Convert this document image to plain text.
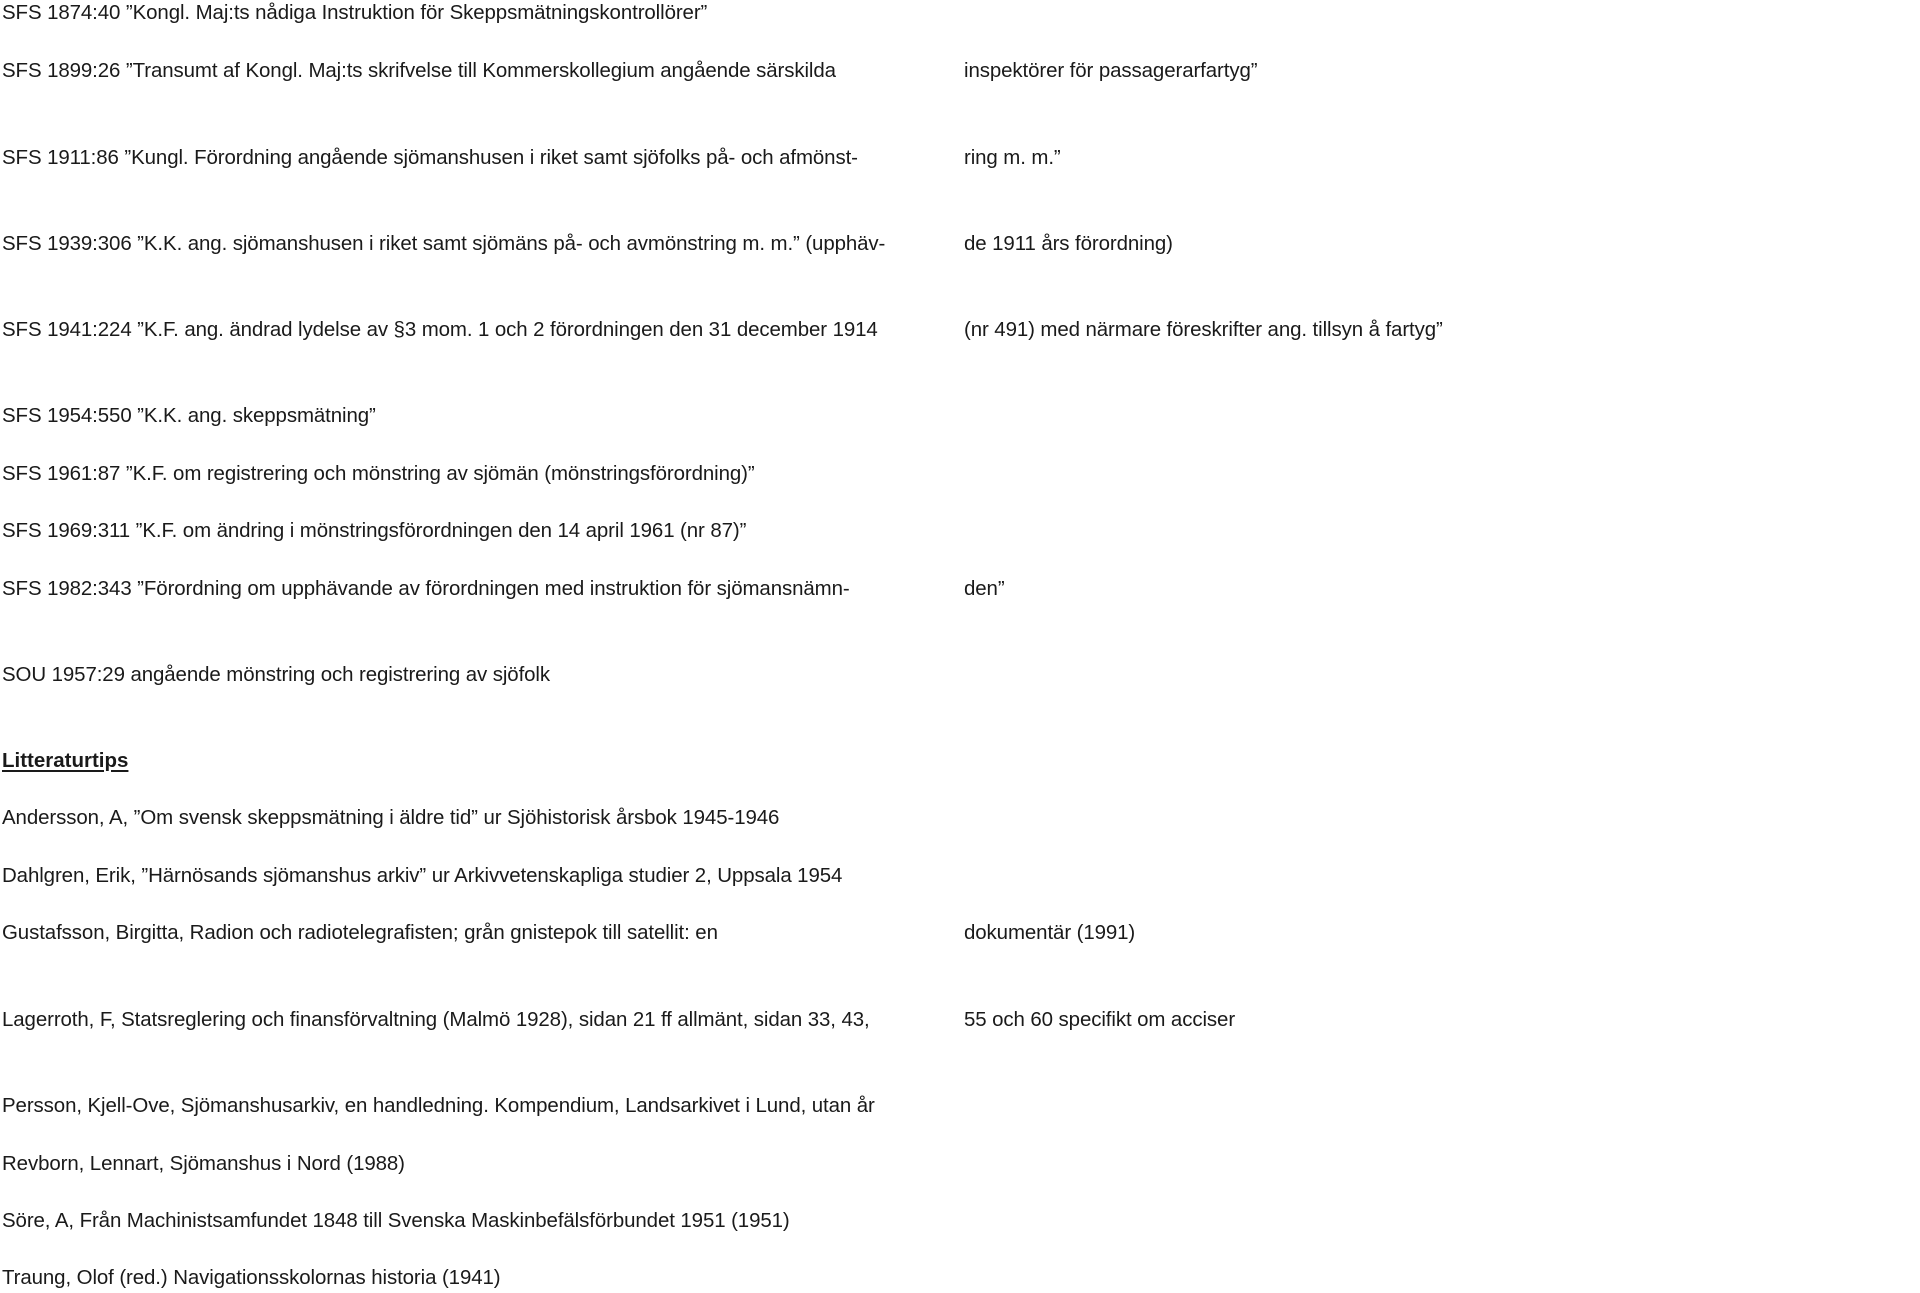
SFS 1874:40 ”Kongl. Maj:ts nådiga Instruktion för Skeppsmätningskontrollörer”
SFS 1899:26 ”Transumt af Kongl. Maj:ts skrifvelse till Kommerskollegium angående särskilda	inspektörer för passagerarfartyg”
SFS 1911:86 ”Kungl. Förordning angående sjömanshusen i riket samt sjöfolks på- och afmönst-	ring m. m.”
SFS 1939:306 ”K.K. ang. sjömanshusen i riket samt sjömäns på- och avmönstring m. m.” (upphäv-	de 1911 års förordning)
SFS 1941:224 ”K.F. ang. ändrad lydelse av §3 mom. 1 och 2 förordningen den 31 december 1914	(nr 491) med närmare föreskrifter ang. tillsyn å fartyg”
SFS 1954:550 ”K.K. ang. skeppsmätning”
SFS 1961:87 ”K.F. om registrering och mönstring av sjömän (mönstringsförordning)”
SFS 1969:311 ”K.F. om ändring i mönstringsförordningen den 14 april 1961 (nr 87)”
SFS 1982:343 ”Förordning om upphävande av förordningen med instruktion för sjömansnämn-	den”
SOU 1957:29 angående mönstring och registrering av sjöfolk
Litteraturtips
Andersson, A, ”Om svensk skeppsmätning i äldre tid” ur Sjöhistorisk årsbok 1945-1946
Dahlgren, Erik, ”Härnösands sjömanshus arkiv” ur Arkivvetenskapliga studier 2, Uppsala 1954
Gustafsson, Birgitta, Radion och radiotelegrafisten; grån gnistepok till satellit: en	dokumentär (1991)
Lagerroth, F, Statsreglering och finansförvaltning (Malmö 1928), sidan 21 ff allmänt, sidan 33, 43,	55 och 60 specifikt om acciser
Persson, Kjell-Ove, Sjömanshusarkiv, en handledning. Kompendium, Landsarkivet i Lund, utan år
Revborn, Lennart, Sjömanshus i Nord (1988)
Söre, A, Från Machinistsamfundet 1848 till Svenska Maskinbefälsförbundet 1951 (1951)
Traung, Olof (red.) Navigationsskolornas historia (1941)
